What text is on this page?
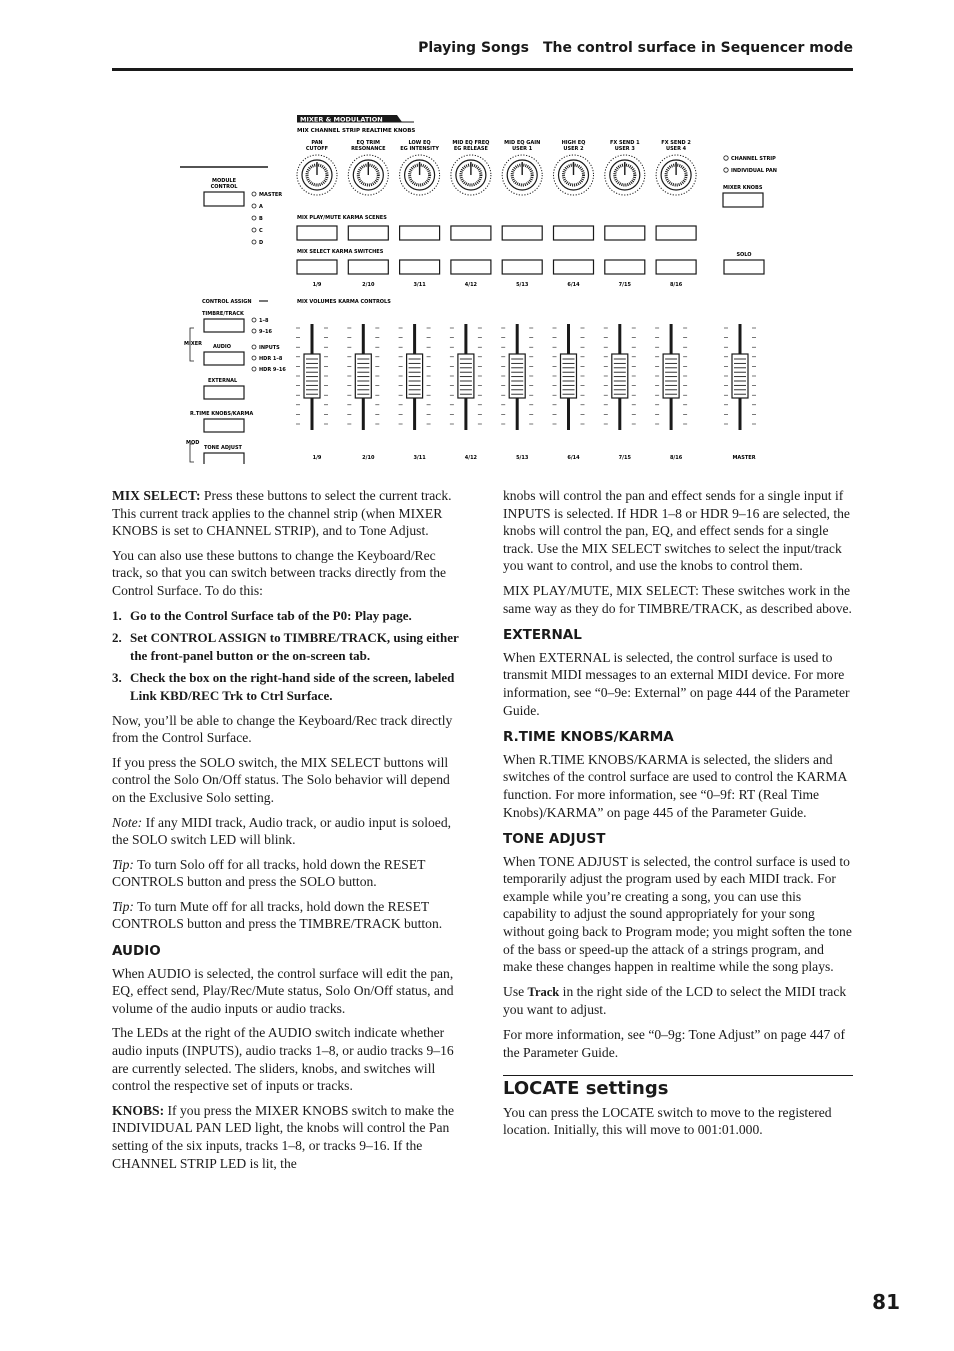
Playing Songs The control surface in Sequencer mode
MIXER & MODULATION
MIX CHANNEL STRIP REALTIME KNOBS
MODULE
CONTROL
MASTER
A
B
C
D
PAN
CUTOFF
EQ TRIM
RESONANCE
LOW EQ
EG INTENSITY
MID EQ FREQ
EG RELEASE
MID EQ GAIN
USER 1
HIGH EQ
USER 2
FX SEND 1
USER 3
FX SEND 2
USER 4
CHANNEL STRIP
INDIVIDUAL PAN
MIXER KNOBS
MIX PLAY/MUTE KARMA SCENES
MIX SELECT KARMA SWITCHES	SOLO
1/9	2/10	3/11	4/12	5/13	6/14	7/15	8/16
CONTROL ASSIGN
TIMBRE/TRACK
1–8
9–16
MIXER AUDIO	INPUTS
HDR 1–8
HDR 9–16
EXTERNAL
R.TIME KNOBS/KARMA
MOD
TONE ADJUST
MIX VOLUMES KARMA CONTROLS
1/9	2/10	3/11	4/12	5/13	6/14	7/15	8/16	MASTER

MIX SELECT: Press these buttons to select the current track. This current track applies to the channel strip (when MIXER KNOBS is set to CHANNEL STRIP), and to Tone Adjust.

You can also use these buttons to change the Keyboard/Rec track, so that you can switch between tracks directly from the Control Surface. To do this:

1. Go to the Control Surface tab of the P0: Play page.
2. Set CONTROL ASSIGN to TIMBRE/TRACK, using either the front-panel button or the on-screen tab.
3. Check the box on the right-hand side of the screen, labeled Link KBD/REC Trk to Ctrl Surface.

Now, you’ll be able to change the Keyboard/Rec track directly from the Control Surface.

If you press the SOLO switch, the MIX SELECT buttons will control the Solo On/Off status. The Solo behavior will depend on the Exclusive Solo setting.

Note: If any MIDI track, Audio track, or audio input is soloed, the SOLO switch LED will blink.

Tip: To turn Solo off for all tracks, hold down the RESET CONTROLS button and press the SOLO button.

Tip: To turn Mute off for all tracks, hold down the RESET CONTROLS button and press the TIMBRE/TRACK button.

AUDIO

When AUDIO is selected, the control surface will edit the pan, EQ, effect send, Play/Rec/Mute status, Solo On/Off status, and volume of the audio inputs or audio tracks.

The LEDs at the right of the AUDIO switch indicate whether audio inputs (INPUTS), audio tracks 1–8, or audio tracks 9–16 are currently selected. The sliders, knobs, and switches will control the respective set of inputs or tracks.

KNOBS: If you press the MIXER KNOBS switch to make the INDIVIDUAL PAN LED light, the knobs will control the Pan setting of the six inputs, tracks 1–8, or tracks 9–16. If the CHANNEL STRIP LED is lit, the

knobs will control the pan and effect sends for a single input if INPUTS is selected. If HDR 1–8 or HDR 9–16 are selected, the knobs will control the pan, EQ, and effect sends for a single track. Use the MIX SELECT switches to select the input/track you want to control, and use the knobs to control them.

MIX PLAY/MUTE, MIX SELECT: These switches work in the same way as they do for TIMBRE/TRACK, as described above.

EXTERNAL

When EXTERNAL is selected, the control surface is used to transmit MIDI messages to an external MIDI device. For more information, see “0–9e: External” on page 444 of the Parameter Guide.

R.TIME KNOBS/KARMA

When R.TIME KNOBS/KARMA is selected, the sliders and switches of the control surface are used to control the KARMA function. For more information, see “0–9f: RT (Real Time Knobs)/KARMA” on page 445 of the Parameter Guide.

TONE ADJUST

When TONE ADJUST is selected, the control surface is used to temporarily adjust the program used by each MIDI track. For example while you’re creating a song, you can use this capability to adjust the sound appropriately for your song without going back to Program mode; you might soften the tone of the bass or speed-up the attack of a strings program, and make these changes happen in realtime while the song plays.

Use Track in the right side of the LCD to select the MIDI track you want to adjust.

For more information, see “0–9g: Tone Adjust” on page 447 of the Parameter Guide.

LOCATE settings

You can press the LOCATE switch to move to the registered location. Initially, this will move to 001:01.000.

81
